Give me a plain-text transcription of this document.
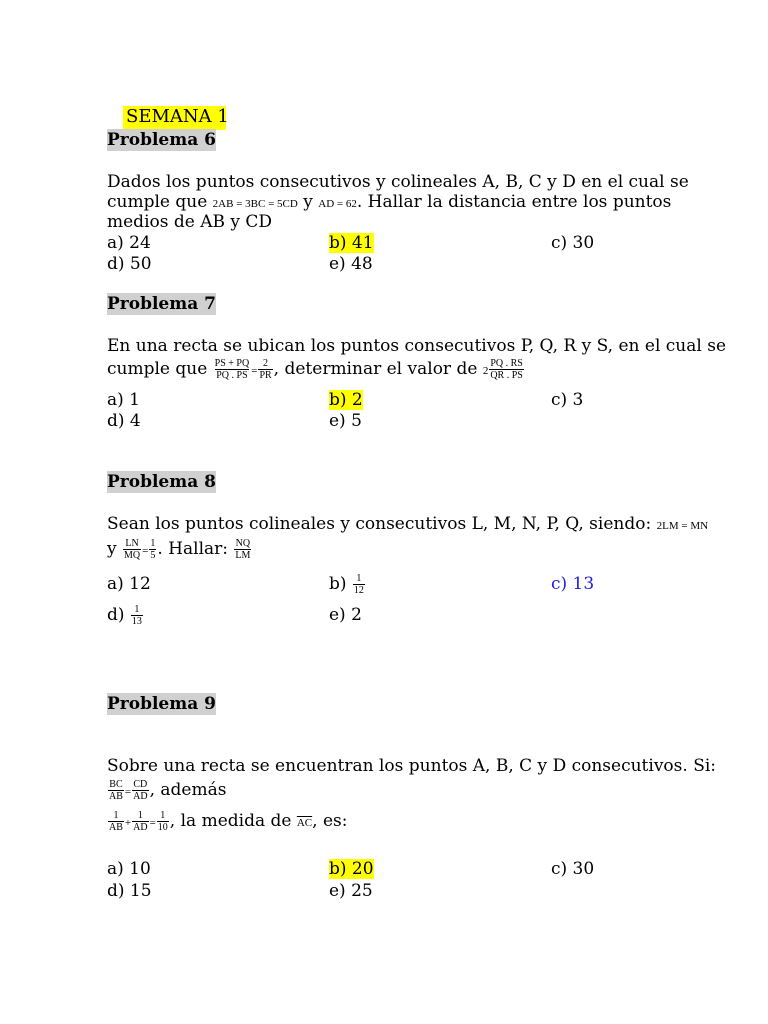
SEMANA 1
Problema 6
Dados los puntos consecutivos y colineales A, B, C y D en el cual se
cumple que 2AB = 3BC = 5CD y AD = 62. Hallar la distancia entre los puntos
medios de AB y CD
a) 24	b) 41	c) 30
d) 50	e) 48
Problema 7
En una recta se ubican los puntos consecutivos P, Q, R y S, en el cual se
cumple que $\frac{PS + PQ}{PQ . PS} = \frac{2}{PR}$ , determinar el valor de $2 \frac{PQ . RS}{QR . PS}$
a) 1	b) 2	c) 3
d) 4	e) 5
Problema 8
Sean los puntos colineales y consecutivos L, M, N, P, Q, siendo: 2LM = MN
y $\frac{LN}{MQ} = \frac{1}{5}$ . Hallar: $\frac{NQ}{LM}$
a) 12	$b) \frac{1}{12}$	c) 13
$d) \frac{1}{13}$	e) 2
Problema 9
Sobre una recta se encuentran los puntos A, B, C y D consecutivos. Si:
$\frac{BC}{AB} = \frac{CD}{AD}$ , además
$\frac{1}{AB} + \frac{1}{AD} = \frac{1}{10}$ , la medida de $\overline{AC}$, es:
a) 10	b) 20	c) 30
d) 15	e) 25
